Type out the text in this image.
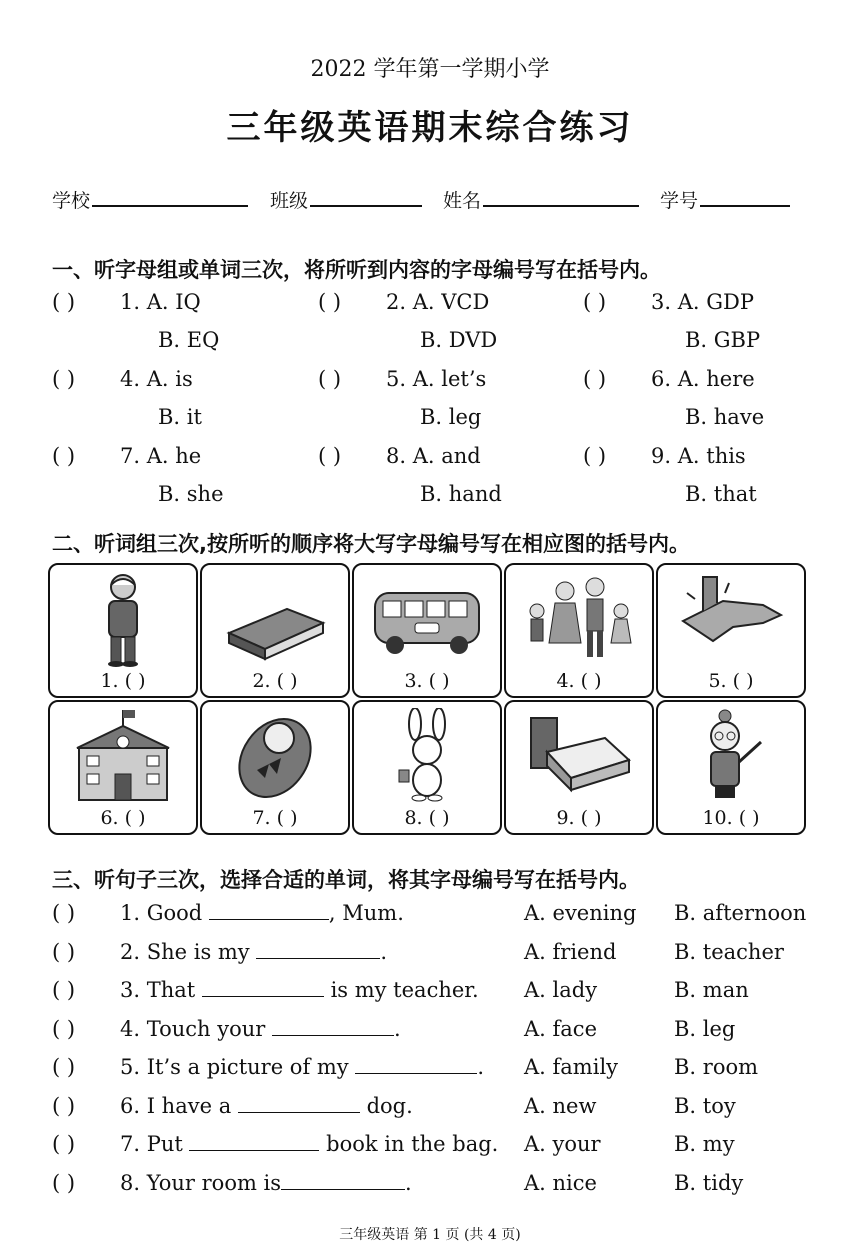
2022 学年第一学期小学
三年级英语期末综合练习
学校	班级	姓名	学号
一、听字母组或单词三次，将所听到内容的字母编号写在括号内。
( ) 1. A. IQ
B. EQ
( ) 2. A. VCD
B. DVD
( ) 3. A. GDP
B. GBP
( ) 4. A. is
B. it
( ) 5. A. let’s
B. leg
( ) 6. A. here
B. have
( ) 7. A. he
B. she
( ) 8. A. and
B. hand
( ) 9. A. this
B. that
二、听词组三次,按所听的顺序将大写字母编号写在相应图的括号内。
1. ( )	2. ( )	3. ( )	4. ( )	5. ( )
6. ( )	7. ( )	8. ( )	9. ( )	10. ( )
三、听句子三次，选择合适的单词，将其字母编号写在括号内。
( ) 1. Good	, Mum.	A. evening B. afternoon
( ) 2. She is my	.	A. friend	B. teacher
( ) 3. That	is my teacher. A. lady	B. man
( ) 4. Touch your	.	A. face	B. leg
( ) 5. It’s a picture of my	. A. family	B. room
( ) 6. I have a	dog.	A. new	B. toy
( ) 7. Put	book in the bag. A. your	B. my
( ) 8. Your room is	.	A. nice	B. tidy
三年级英语 第 1 页 (共 4 页)
